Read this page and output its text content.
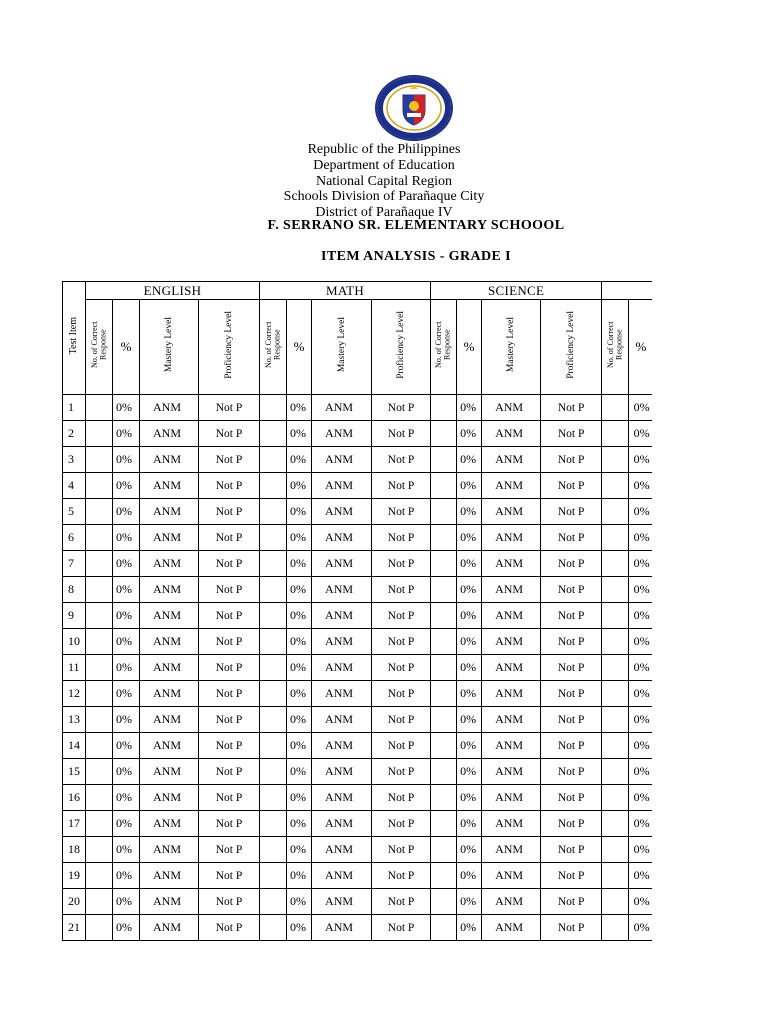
Republic of the Philippines
Department of Education
National Capital Region
Schools Division of Parañaque City
District of Parañaque IV
F. SERRANO SR. ELEMENTARY SCHOOOL
ITEM ANALYSIS - GRADE I
Test Item	ENGLISH				MATH				SCIENCE					
	No. of Correct Response	%	Mastery Level	Proficiency Level	No. of Correct Response	%	Mastery Level	Proficiency Level	No. of Correct Response	%	Mastery Level	Proficiency Level	No. of Correct Response	%
1		0%	ANM	Not P		0%	ANM	Not P		0%	ANM	Not P		0%
2		0%	ANM	Not P		0%	ANM	Not P		0%	ANM	Not P		0%
3		0%	ANM	Not P		0%	ANM	Not P		0%	ANM	Not P		0%
4		0%	ANM	Not P		0%	ANM	Not P		0%	ANM	Not P		0%
5		0%	ANM	Not P		0%	ANM	Not P		0%	ANM	Not P		0%
6		0%	ANM	Not P		0%	ANM	Not P		0%	ANM	Not P		0%
7		0%	ANM	Not P		0%	ANM	Not P		0%	ANM	Not P		0%
8		0%	ANM	Not P		0%	ANM	Not P		0%	ANM	Not P		0%
9		0%	ANM	Not P		0%	ANM	Not P		0%	ANM	Not P		0%
10		0%	ANM	Not P		0%	ANM	Not P		0%	ANM	Not P		0%
11		0%	ANM	Not P		0%	ANM	Not P		0%	ANM	Not P		0%
12		0%	ANM	Not P		0%	ANM	Not P		0%	ANM	Not P		0%
13		0%	ANM	Not P		0%	ANM	Not P		0%	ANM	Not P		0%
14		0%	ANM	Not P		0%	ANM	Not P		0%	ANM	Not P		0%
15		0%	ANM	Not P		0%	ANM	Not P		0%	ANM	Not P		0%
16		0%	ANM	Not P		0%	ANM	Not P		0%	ANM	Not P		0%
17		0%	ANM	Not P		0%	ANM	Not P		0%	ANM	Not P		0%
18		0%	ANM	Not P		0%	ANM	Not P		0%	ANM	Not P		0%
19		0%	ANM	Not P		0%	ANM	Not P		0%	ANM	Not P		0%
20		0%	ANM	Not P		0%	ANM	Not P		0%	ANM	Not P		0%
21		0%	ANM	Not P		0%	ANM	Not P		0%	ANM	Not P		0%
